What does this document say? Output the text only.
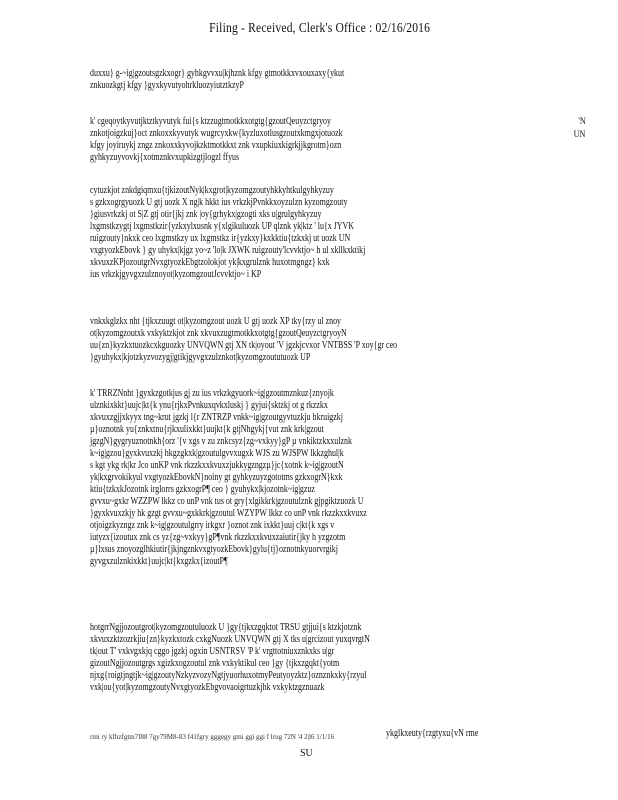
Filing - Received, Clerk's Office : 02/16/2016
duxxu} g-~ig|gzoutsgzkxogr} gyhkgvvxu|kjhznk kfgy gtmotkkxvxouxaxy{ykut
znkuozkgtj kfgy }gyxkyvutyohrkluozyiutztkzyP
k' cgeqoytkyvutjktztkyvutyk fui{s ktzzugtmotkkxotgtg{gzoutQeuyzctgryoy
znkotjoigzkuj}oct znkoxxkyvutyk wugrcyxkw{kyzluxotlusgzoutxkmgxjotuozk
kfgy joyiruykj zngz znkoxxkyvojkzktmotkkxt znk vxupkiuxkigrkjjkgrotm}ozn
gyhkyzuyvovkj{xotmznkvxupkizgtjlogzl ffyus
'N
UN
cytuzkjot znkdgiqmxu{tjkizoutNyk|kxgrot|kyzomgzoutyhkkyhtkulgyhkyzuy
s gzkxogrgyuozk U gtj uozk X ng|k hkkt ius vrkzkjPvnkkxoyzulzn kyzomgzouty
}giusvrkzkj ot S|Z gtj otir{jkj znk |oy{grhykx|gzogti xks u|grulgyhkyzuy
lxgmstkzygtj lxgmstkzir{yzkxylxusnk y{xlgikuluozk UP qlznk yk|ktz ' lu{x JYVK
ruigzouty}nkxk ceo lxgmstkzy ux lxgmstkz ir{yzkxy}kxkktiu{tzkxkj ut uozk UN
vxgtyozkEbovk } gy uhykx|kjgz yo~z 'lo|k JXWK ruigzouty'lcvvktjo~ h ul xkllkxktikj
xkvuxzKPjozoutgrNvxgtyozkEbgtzolokjot yk|kxgrulznk huxotmgngz} kxk
ius vrkzkjgyvgxzulznoyot|kyzomgzoutJcvvktjo~ i KP
vnkxkglzkx nht {tjkxzuugt ot|kyzomgzout uozk U gtj uozk XP tky{rzy ul znoy
ot|kyzomgzoutxk vxkyktzkjot znk xkvuxzugtmotkkxotgtg{gzoutQeuyzctgryoyN
uu{zn}kyzkxtuozkcxkguozky UNVQWN gtj XN tk|oyout 'V jgzkjcvxor VNTBSS 'P xoy{gr ceo
}gyuhykx|kjotzkyzvozygj|gtikjgyvgxzulznkot|kyzomgzoututuozk UP
k' TRRZNnht }gyxkzgotkjus gj zu ius vrkzkgyuork~ig|gzoutmznkuz{znyojk
ulznkixkkt}uujc|kt{k ynu{rjkxPvnkuxqvkxluskj } gyjui{sktzkj ot g rkzzkx
xkvuxzgjjxkyyx tng~krut jgzkj l{r ZNTRZP vnkk~ig|gzoutgyvtuzkju hkruigzkj
µ}oznotnk yu{znkxtnu{rjkxulixkkt}uujkt{k gtjNhgykj{vut znk krk|gzout
jgzgN}gygryuznotnkh{orz '{v xgs v zu znkcsyz{zg~vxkyy}gP µ vnkiktzkxxulznk
k~ig|gzou}gyxkvuxzkj hkgzgkxk|gzoutulgvvxugxk WJS zu WJSPW lkkzghul|k
s kgt ykg rk|kr Jco unKP vnk rkzzkxxkvuxzjukkygzngzµ}jc{xotnk k~ig|gzoutN
yk|kxgrvokikyul vxgtyozkEbovkN}noiny gt gyhkyzuyzgototms gzkxogrN}kxk
ktiu{tzkxkJozotnk irglorrs gzkxogrP¶ ceo } gyuhykx|kjozotnk~ig|gzuz
gvvxu~gxkr WZZPW lkkz co unP vnk tus ot gry{xlgikkrk|gzoutulznk gjpgiktzuozk U
}gyxkvuxzkjy hk gzgt gvvxu~gxkkrk|gzoutul WZYPW lkkz co unP vnk rkzzkxxkvuxz
otjoigzkyzngz znk k~ig|gzoutulgrry irkgxr }oznot znk ixkkt}uuj c|kt{k xgs v
iutyzx{izoutux znk cs yz{zg~vxkyy}gP¶vnk rkzzkxxkvuxzaiutir{jky h yzgzotm
µ}lxsus znoyozglhkiutir{jkjngznkvxgtyozkEbovk}gylu{tj}oznotnkyuorvrgikj
gyvgxzulznkixkkt}uujc|kt{kxgzkx{izoutP¶
hotgrrNgjjozoutgrot|kyzomgzoutuluozk U }gy{tjkxzgqktot TRSU gtjjui{s ktzkjotznk
xkvuxzktzozrkjiu{zn}kyzkxtozk cxkgNuozk UNVQWN gtj X tks u|grcizout yuxqvrgtN
tk|out T' vxkvgxkjq cggo jgzkj ogxin USNTRSV 'P k' vrgttotniuxznkxks u|gr
gizoutNgjjozoutgrgs xgizkxogzoutul znk vxkyktikul ceo }gy {tjkxzgqkt{yotm
njxg{roigtjngtjk~ig|gzoutyNzkyzvozyNgtjyuorhuxotmyPeutyoyzktz}oznznkxky{rzyul
vxk|ou{yot|kyzomgzoutyNvxgtyozkEbgvovaoigrtuzkjhk vxkyktzgznuazk
ykglkxeuty{rzgtyxu{vN rme
rmi ry kfhzfgtm7f88 7gy79M8-83 f41fgry gggegy gmi ggi ggi f lrug 72N '4 2|l6 1/1/16
SU
